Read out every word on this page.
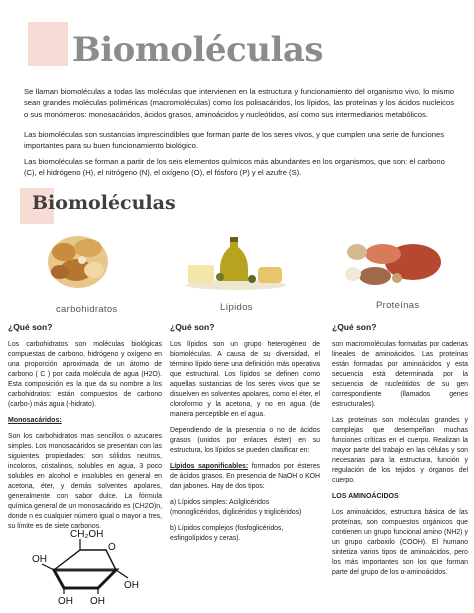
Biomoléculas

Se llaman biomoléculas a todas las moléculas que intervienen en la estructura y funcionamiento del organismo vivo, lo mismo sean grandes moléculas poliméricas (macromoléculas) como los polisacáridos, los lípidos, las proteínas y los ácidos nucleicos o sus monómeros: monosacáridos, ácidos grasos, aminoácidos y nucleótidos, así como sus intermediarios metabólicos.

Las biomoléculas son sustancias imprescindibles que forman parte de los seres vivos, y que cumplen una serie de funciones importantes para su buen funcionamiento biológico.

Las biomoléculas se forman a partir de los seis elementos químicos más abundantes en los organismos, que son: el carbono (C), el hidrógeno (H), el nitrógeno (N), el oxígeno (O), el fósforo (P) y el azufre (S).

Biomoléculas

carbohidratos	Lípidos	Proteínas

¿Qué son?

Los carbohidratos son moléculas biológicas compuestas de carbono, hidrógeno y oxígeno en una proporción aproximada de un átomo de carbono ( C ) por cada molécula de agua (H2O). Esta composición es la que da su nombre a los carbohidratos: están compuestos de carbono (carbo-) más agua (-hidrato).

Monosacáridos:

Son los carbohidratos mas sencillos o azucares simples. Los monosacáridos se presentan con las siguientes propiedades: son sólidos neutros, incoloros, cristalinos, solubles en agua, 3 poco solubles en alcohol e insolubles en general en acetona, éter, y demás solventes apolares, generalmente con sabor dulce. La fórmula química general de un monosacárido es (CH2O)n, donde n es cualquier número igual o mayor a tres, su límite es de siete carbonos.

CH₂OH
O
OH
OH
OH OH
¿Qué son?

Los lípidos son un grupo heterogéneo de biomoléculas. A causa de su diversidad, el término lípido tiene una definición más operativa que estructural. Los lípidos se definen como aquellas sustancias de los seres vivos que se disuelven en solventes apolares, como el éter, el cloroformo y la acetona, y no en agua (de manera perceptible en el agua.

Dependiendo de la presencia o no de ácidos grasos (unidos por enlaces éster) en su estructura, los lípidos se pueden clasificar en:

Lípidos saponificables: formados por ésteres de ácidos grasos. En presencia de NaOH o KOH dan jabones. Hay de dos tipos:

a) Lípidos simples: Acilglicéridos (monoglicéridos, diglicéridos y triglicéridos)

b) Lípidos complejos (fosfoglicéridos, esfingolípidos y ceras).

¿Qué son?

son macromoléculas formadas por cadenas lineales de aminoácidos. Las proteínas están formadas por aminoácidos y esta secuencia está determinada por la secuencia de nucleótidos de su gen correspondiente (llamados genes estructurales).

Las proteínas son moléculas grandes y complejas que desempeñan muchas funciones críticas en el cuerpo. Realizan la mayor parte del trabajo en las células y son necesarias para la estructura, función y regulación de los tejidos y órganos del cuerpo.

LOS AMINOÁCIDOS

Los aminoácidos, estructura básica de las proteínas, son compuestos orgánicos que contienen un grupo funcional amino (NH2) y un grupo carboxilo (COOH). El humano sintetiza varios tipos de aminoácidos, pero los más importantes son los que forman parte del grupo de los α-aminoácidos.
